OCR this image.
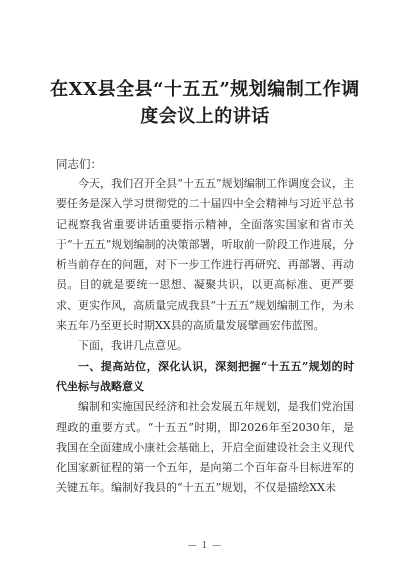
在XX县全县“十五五”规划编制工作调
度会议上的讲话
同志们：

今天，我们召开全县“十五五”规划编制工作调度会议，主要任务是深入学习贯彻党的二十届四中全会精神与习近平总书记视察我省重要讲话重要指示精神，全面落实国家和省市关于“十五五”规划编制的决策部署，听取前一阶段工作进展，分析当前存在的问题，对下一步工作进行再研究、再部署、再动员。目的就是要统一思想、凝聚共识，以更高标准、更严要求、更实作风，高质量完成我县“十五五”规划编制工作，为未来五年乃至更长时期XX县的高质量发展擘画宏伟蓝图。

下面，我讲几点意见。

一、提高站位，深化认识，深刻把握“十五五”规划的时代坐标与战略意义

编制和实施国民经济和社会发展五年规划，是我们党治国理政的重要方式。“十五五”时期，即2026年至2030年，是我国在全面建成小康社会基础上，开启全面建设社会主义现代化国家新征程的第一个五年，是向第二个百年奋斗目标进军的关键五年。编制好我县的“十五五”规划，不仅是描绘XX未

— 1 —
